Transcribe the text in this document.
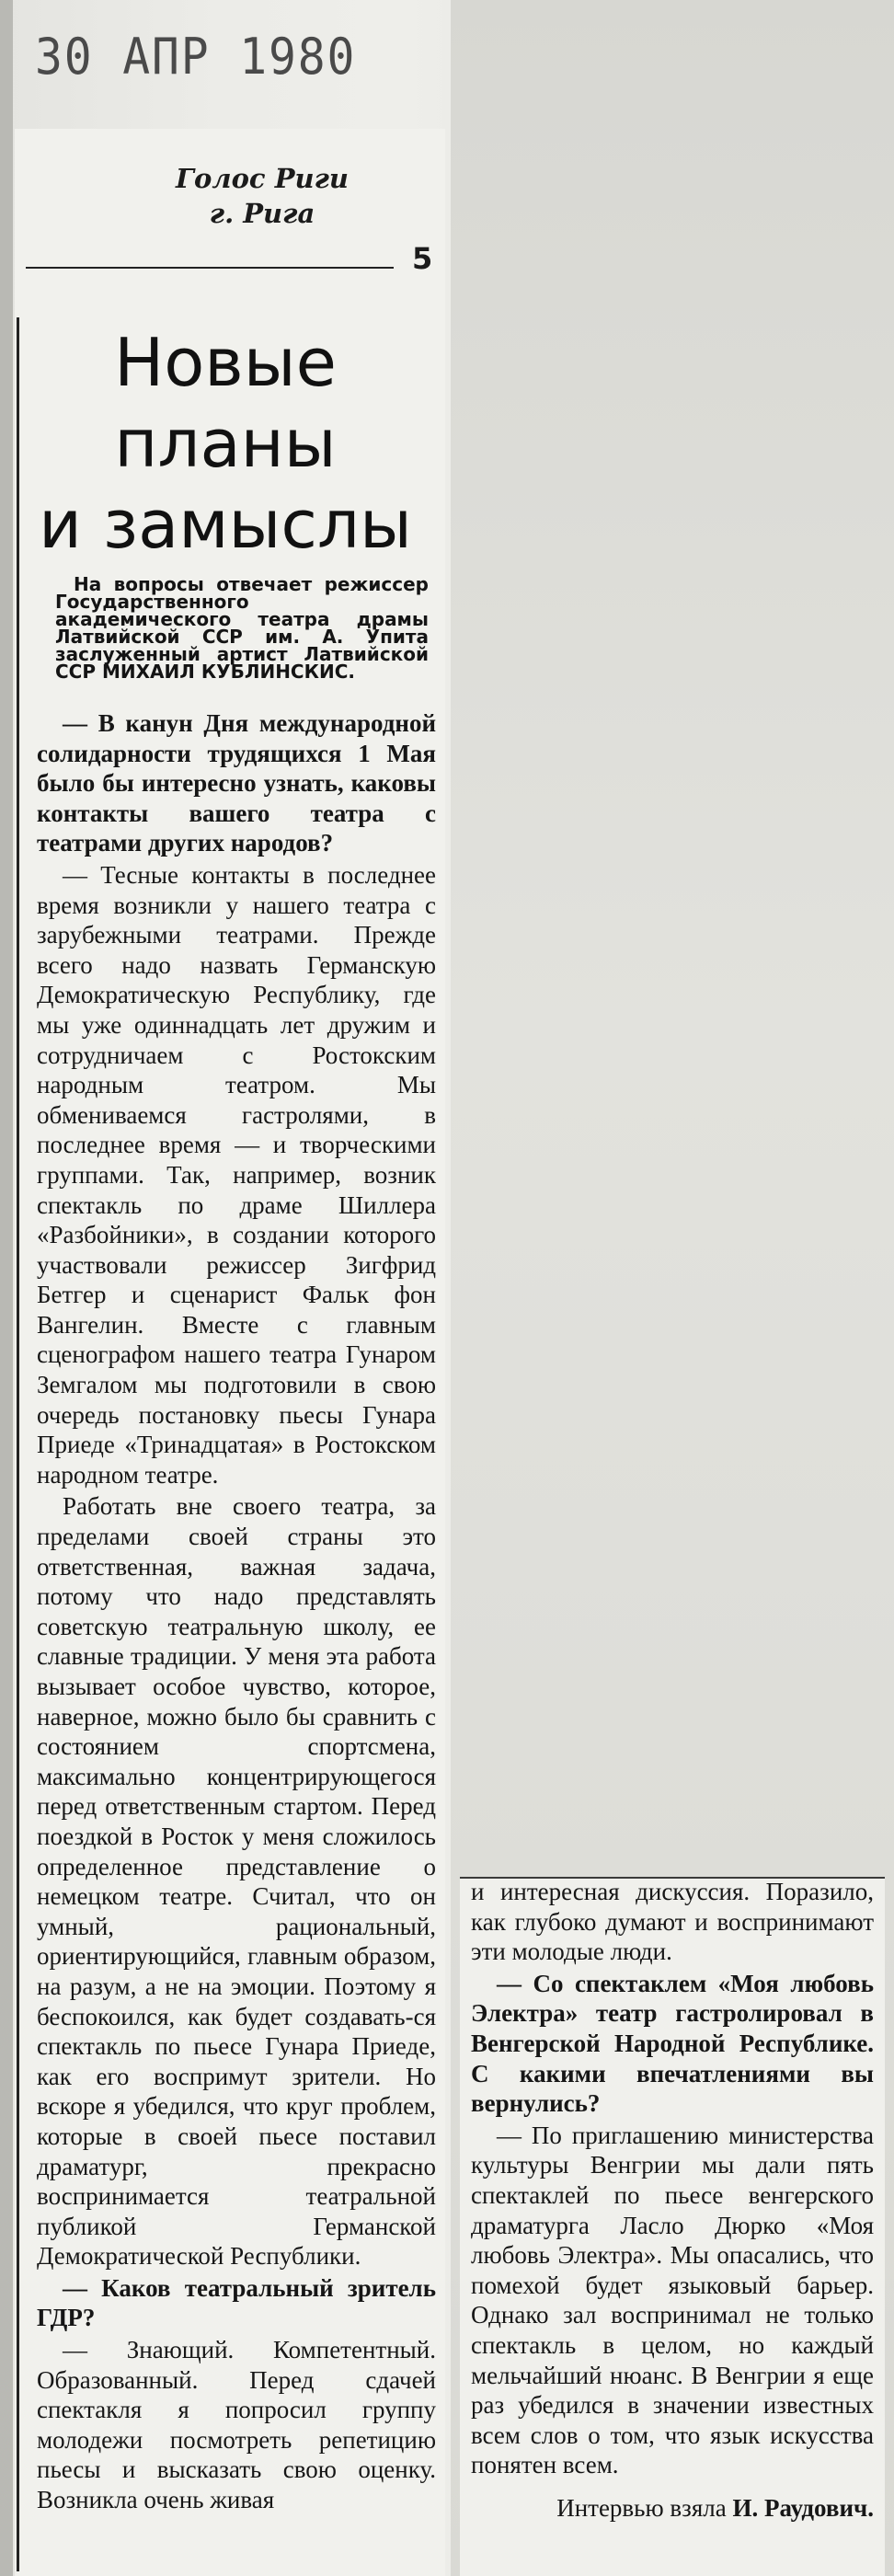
30 АПР 1980
Голос Риги
г. Рига
5
Новые
планы
и замыслы
На вопросы отвечает режиссер Государственного академического театра драмы Латвийской ССР им. А. Упита заслуженный артист Латвийской ССР МИХАИЛ КУБЛИНСКИС.

— В канун Дня международной солидарности трудящихся 1 Мая было бы интересно узнать, каковы контакты вашего театра с театрами других народов?

— Тесные контакты в последнее время возникли у нашего театра с зарубежными театрами. Прежде всего надо назвать Германскую Демократическую Республику, где мы уже одиннадцать лет дружим и сотрудничаем с Ростокским народным театром. Мы обмениваемся гастролями, в последнее время — и творческими группами. Так, например, возник спектакль по драме Шиллера «Разбойники», в создании которого участвовали режиссер Зигфрид Бетгер и сценарист Фальк фон Вангелин. Вместе с главным сценографом нашего театра Гунаром Земгалом мы подготовили в свою очередь постановку пьесы Гунара Приеде «Тринадцатая» в Ростокском народном театре.

Работать вне своего театра, за пределами своей страны это ответственная, важная задача, потому что надо представлять советскую театральную школу, ее славные традиции. У меня эта работа вызывает особое чувство, которое, наверное, можно было бы сравнить с состоянием спортсмена, максимально концентрирующегося перед ответственным стартом. Перед поездкой в Росток у меня сложилось определенное представление о немецком театре. Считал, что он умный, рациональный, ориентирующийся, главным образом, на разум, а не на эмоции. Поэтому я беспокоился, как будет создавать-ся спектакль по пьесе Гунара Приеде, как его воспримут зрители. Но вскоре я убедился, что круг проблем, которые в своей пьесе поставил драматург, прекрасно воспринимается театральной публикой Германской Демократической Республики.

— Каков театральный зритель ГДР?

— Знающий. Компетентный. Образованный. Перед сдачей спектакля я попросил группу молодежи посмотреть репетицию пьесы и высказать свою оценку. Возникла очень живая

и интересная дискуссия. Поразило, как глубоко думают и воспринимают эти молодые люди.

— Со спектаклем «Моя любовь Электра» театр гастролировал в Венгерской Народной Республике. С какими впечатлениями вы вернулись?

— По приглашению министерства культуры Венгрии мы дали пять спектаклей по пьесе венгерского драматурга Ласло Дюрко «Моя любовь Электра». Мы опасались, что помехой будет языковый барьер. Однако зал воспринимал не только спектакль в целом, но каждый мельчайший нюанс. В Венгрии я еще раз убедился в значении известных всем слов о том, что язык искусства понятен всем.

Интервью взяла И. Раудович.
